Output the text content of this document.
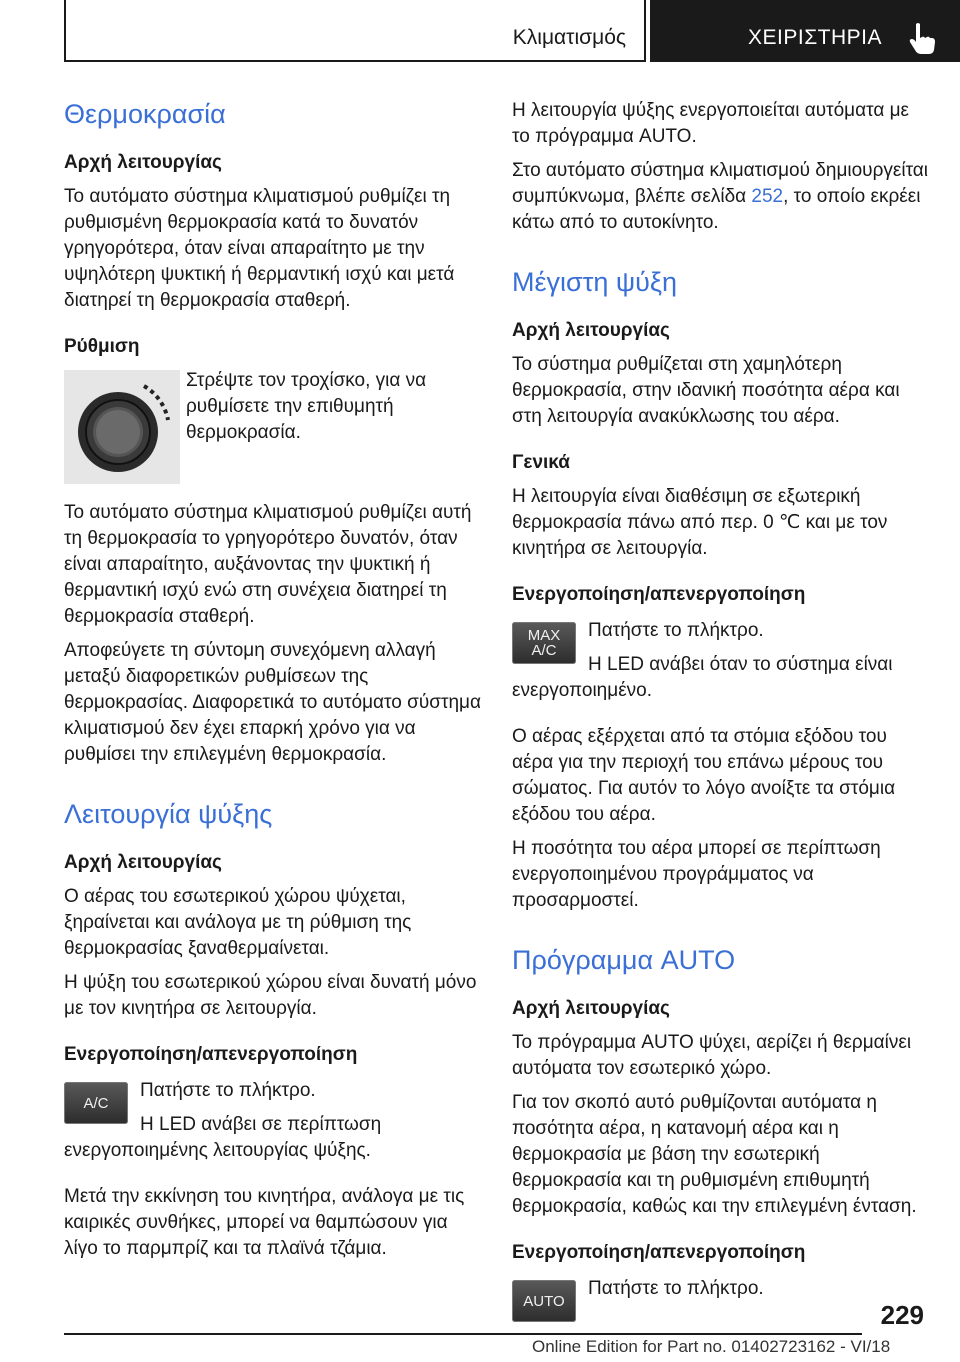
Κλιματισμός	ΧΕΙΡΙΣΤΗΡΙΑ
Θερμοκρασία
Αρχή λειτουργίας

Το αυτόματο σύστημα κλιματισμού ρυθμίζει τη ρυθμισμένη θερμοκρασία κατά το δυνατόν γρηγορότερα, όταν είναι απαραίτητο με την υψηλότερη ψυκτική ή θερμαντική ισχύ και μετά διατηρεί τη θερμοκρασία σταθερή.

Ρύθμιση

Στρέψτε τον τροχίσκο, για να ρυθμίσετε την επιθυμητή θερμοκρασία.

Το αυτόματο σύστημα κλιματισμού ρυθμίζει αυτή τη θερμοκρασία το γρηγορότερο δυνατόν, όταν είναι απαραίτητο, αυξάνοντας την ψυκτική ή θερμαντική ισχύ ενώ στη συνέχεια διατηρεί τη θερμοκρασία σταθερή.

Αποφεύγετε τη σύντομη συνεχόμενη αλλαγή μεταξύ διαφορετικών ρυθμίσεων της θερμοκρασίας. Διαφορετικά το αυτόματο σύστημα κλιματισμού δεν έχει επαρκή χρόνο για να ρυθμίσει την επιλεγμένη θερμοκρασία.

Λειτουργία ψύξης
Αρχή λειτουργίας

Ο αέρας του εσωτερικού χώρου ψύχεται, ξηραίνεται και ανάλογα με τη ρύθμιση της θερμοκρασίας ξαναθερμαίνεται.

Η ψύξη του εσωτερικού χώρου είναι δυνατή μόνο με τον κινητήρα σε λειτουργία.

Ενεργοποίηση/απενεργοποίηση
A/C

Πατήστε το πλήκτρο.

Η LED ανάβει σε περίπτωση ενεργοποιημένης λειτουργίας ψύξης.

Μετά την εκκίνηση του κινητήρα, ανάλογα με τις καιρικές συνθήκες, μπορεί να θαμπώσουν για λίγο το παρμπρίζ και τα πλαϊνά τζάμια.

Η λειτουργία ψύξης ενεργοποιείται αυτόματα με το πρόγραμμα AUTO.

Στο αυτόματο σύστημα κλιματισμού δημιουργείται συμπύκνωμα, βλέπε σελίδα 252, το οποίο εκρέει κάτω από το αυτοκίνητο.

Μέγιστη ψύξη
Αρχή λειτουργίας

Το σύστημα ρυθμίζεται στη χαμηλότερη θερμοκρασία, στην ιδανική ποσότητα αέρα και στη λειτουργία ανακύκλωσης του αέρα.

Γενικά

Η λειτουργία είναι διαθέσιμη σε εξωτερική θερμοκρασία πάνω από περ. 0 ℃ και με τον κινητήρα σε λειτουργία.

Ενεργοποίηση/απενεργοποίηση
MAX
A/C

Πατήστε το πλήκτρο.

Η LED ανάβει όταν το σύστημα είναι ενεργοποιημένο.

Ο αέρας εξέρχεται από τα στόμια εξόδου του αέρα για την περιοχή του επάνω μέρους του σώματος. Για αυτόν το λόγο ανοίξτε τα στόμια εξόδου του αέρα.

Η ποσότητα του αέρα μπορεί σε περίπτωση ενεργοποιημένου προγράμματος να προσαρμοστεί.

Πρόγραμμα AUTO
Αρχή λειτουργίας

Το πρόγραμμα AUTO ψύχει, αερίζει ή θερμαίνει αυτόματα τον εσωτερικό χώρο.

Για τον σκοπό αυτό ρυθμίζονται αυτόματα η ποσότητα αέρα, η κατανομή αέρα και η θερμοκρασία με βάση την εσωτερική θερμοκρασία και τη ρυθμισμένη επιθυμητή θερμοκρασία, καθώς και την επιλεγμένη ένταση.

Ενεργοποίηση/απενεργοποίηση
AUTO

Πατήστε το πλήκτρο.

229
Online Edition for Part no. 01402723162 - VI/18
